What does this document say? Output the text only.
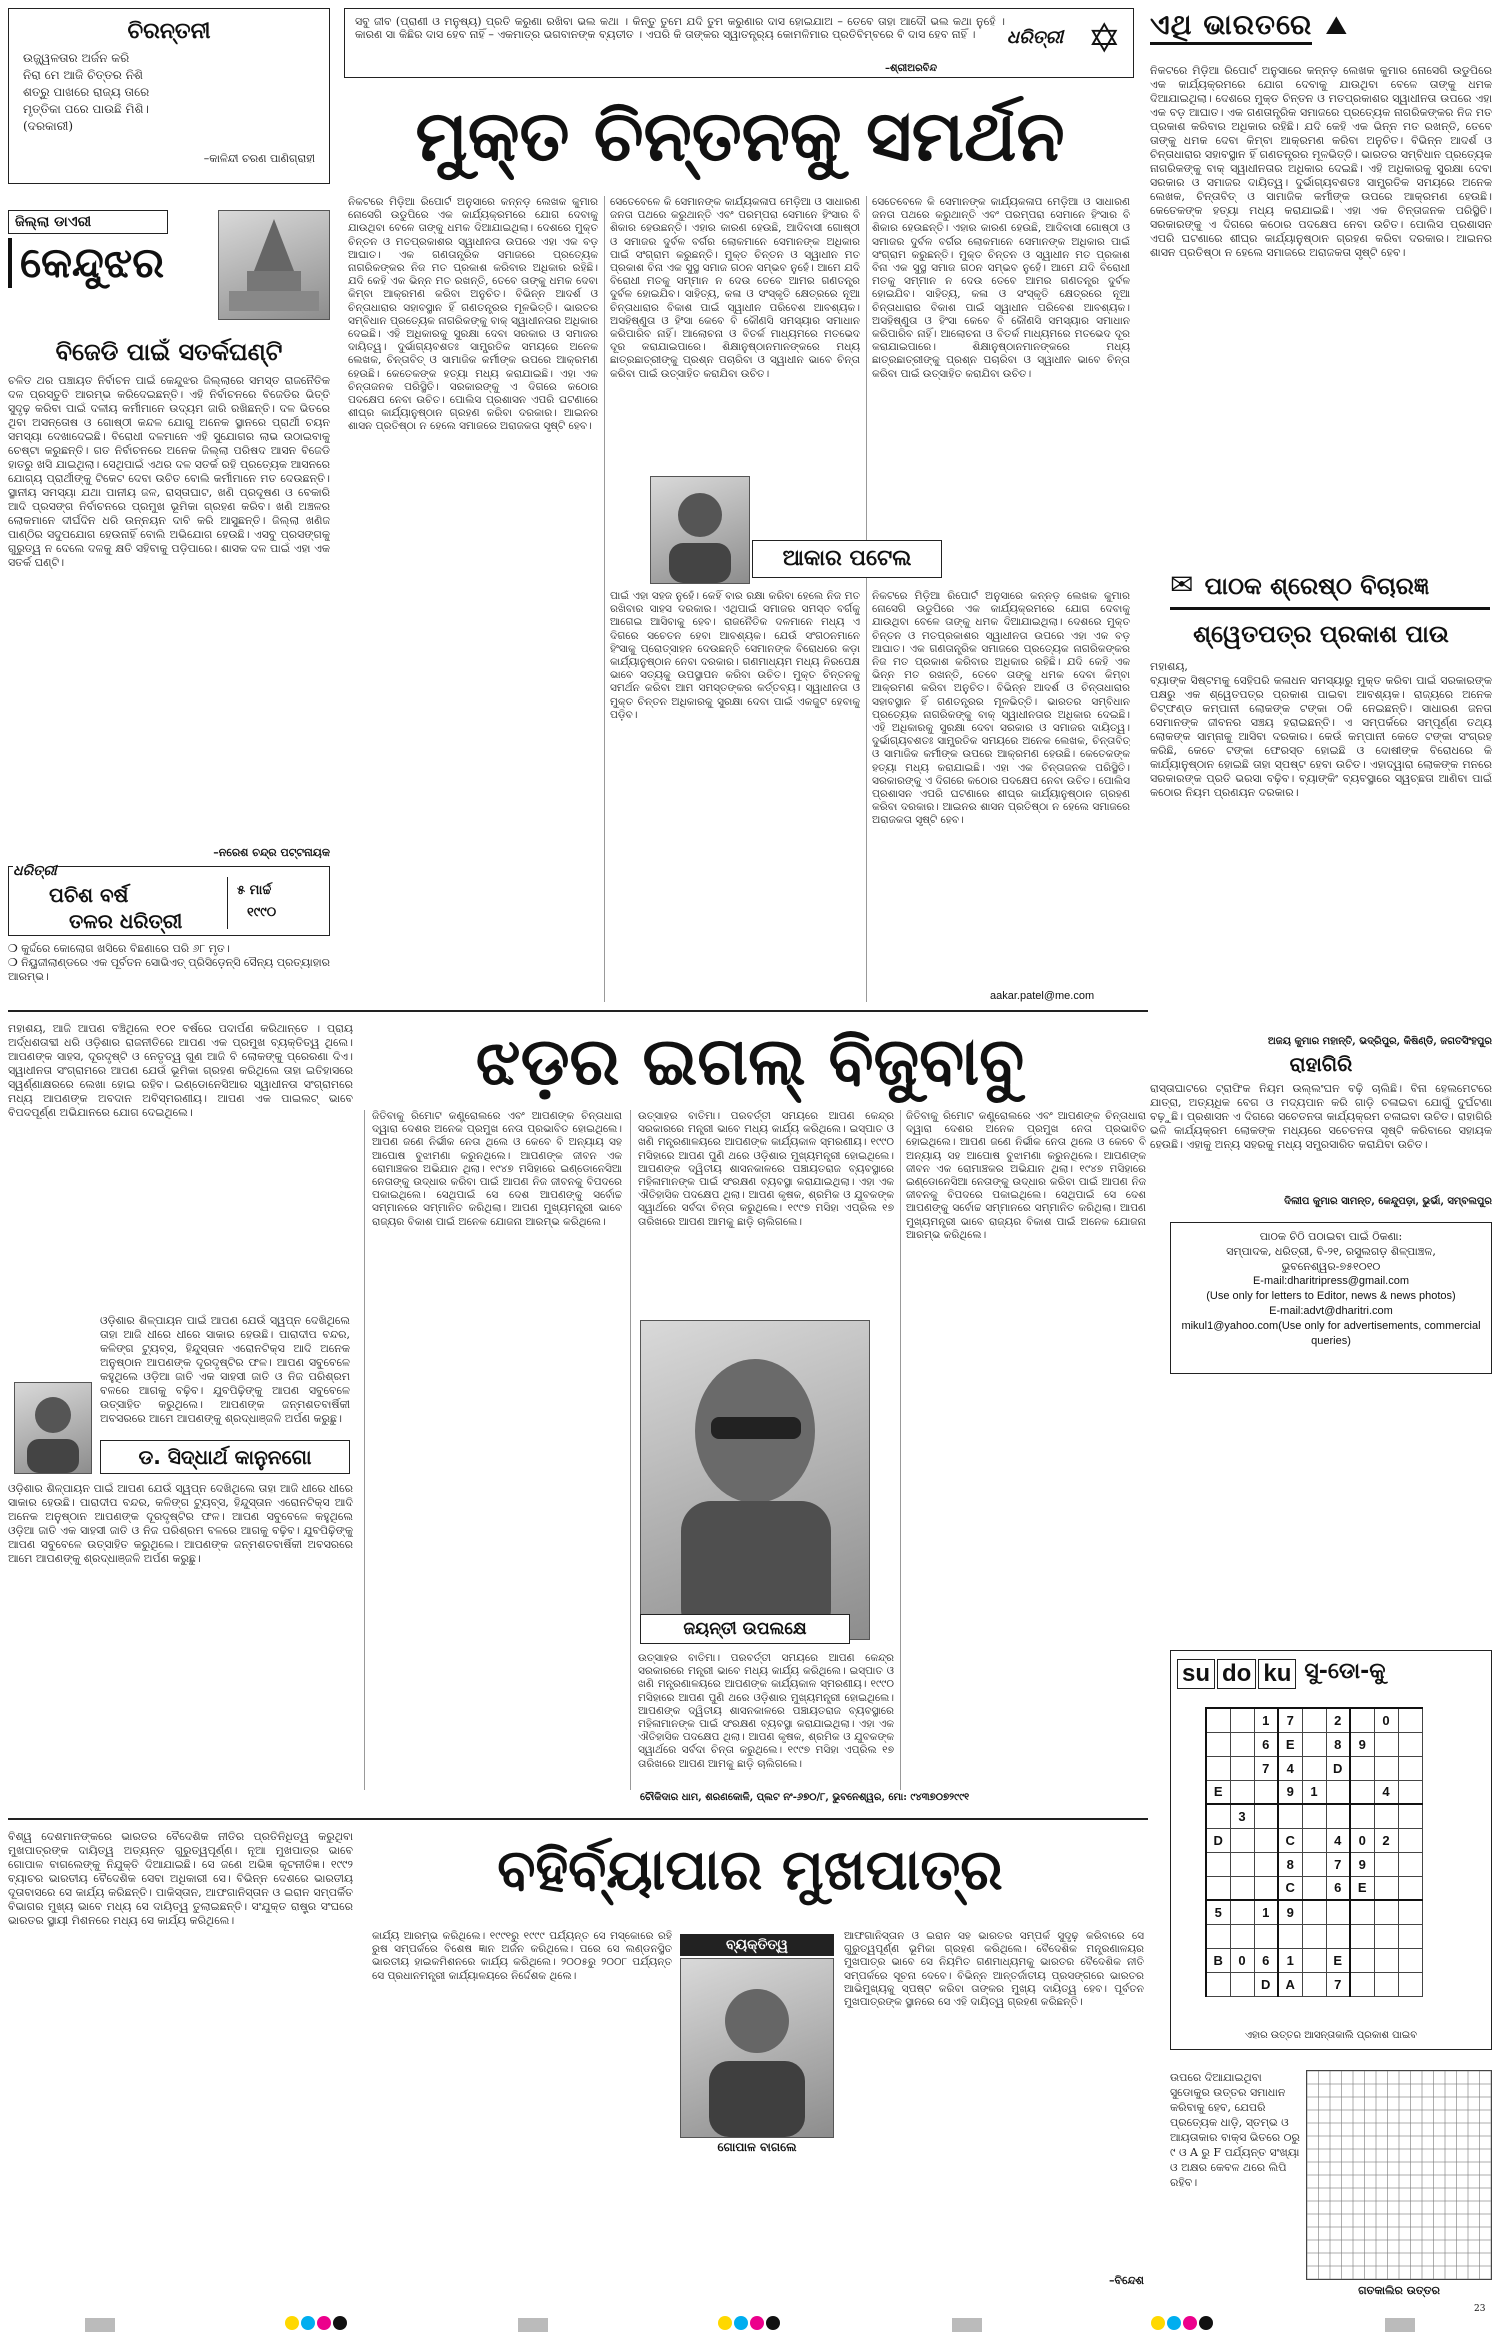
ଚିରନ୍ତନୀ
ଉଜ୍ଜ୍ୱଳତାର ଅର୍ଜନ କରି
ନିରା ମେ ଆଜି ଚିତ୍ତର ନିଶି
ଶତ୍ରୁ ପାଖରେ ରାଜ୍ୟ ତାରେ
ମୃତ୍ତିକା ପରେ ପାଉଛି ମିଶି।
(ଦରକାରୀ)
–କାଳିନ୍ଦୀ ଚରଣ ପାଣିଗ୍ରାହୀ
ସବୁ ଜୀବ (ପ୍ରାଣୀ ଓ ମନୁଷ୍ୟ) ପ୍ରତି କରୁଣା ରଖିବା ଭଲ କଥା । କିନ୍ତୁ ତୁମେ ଯଦି ତୁମ କରୁଣାର ଦାସ ହୋଇଯାଅ – ତେବେ ତାହା ଆଦୌ ଭଲ କଥା ନୁହେଁ । କାରଣ ସା କିଛିର ଦାସ ହେବ ନାହିଁ – ଏକମାତ୍ର ଭଗବାନଙ୍କ ବ୍ୟତୀତ । ଏପରି କି ତାଙ୍କର ସ୍ୱାତନ୍ତ୍ର୍ୟ କୋମଳିମାର ପ୍ରତିବିମ୍ବରେ ବି ଦାସ ହେବ ନାହିଁ ।
–ଶ୍ରୀଅରବିନ୍ଦ
ଧରିତ୍ରୀ ✡ ଏଥି ଭାରତରେ ⛰
ମୁକ୍ତ ଚିନ୍ତନକୁ ସମର୍ଥନ
ଜିଲ୍ଲା ଡାଏରୀ
କେନ୍ଦୁଝର
ବିଜେଡି ପାଇଁ ସତର୍କଘଣ୍ଟି
ଚଳିତ ଥର ପଞ୍ଚାୟତ ନିର୍ବାଚନ ପାଇଁ କେନ୍ଦୁଝର ଜିଲ୍ଲାରେ ସମସ୍ତ ରାଜନୈତିକ ଦଳ ପ୍ରସ୍ତୁତି ଆରମ୍ଭ କରିଦେଇଛନ୍ତି। ଏହି ନିର୍ବାଚନରେ ବିଜେଡିର ଭିତ୍ତି ସୁଦୃଢ଼ କରିବା ପାଇଁ ଦଳୀୟ କର୍ମୀମାନେ ଉଦ୍ୟମ ଜାରି ରଖିଛନ୍ତି। ଦଳ ଭିତରେ ଥିବା ଅସନ୍ତୋଷ ଓ ଗୋଷ୍ଠୀ କନ୍ଦଳ ଯୋଗୁ ଅନେକ ସ୍ଥାନରେ ପ୍ରାର୍ଥୀ ଚୟନ ସମସ୍ୟା ଦେଖାଦେଇଛି। ବିରୋଧୀ ଦଳମାନେ ଏହି ସୁଯୋଗର ଲାଭ ଉଠାଇବାକୁ ଚେଷ୍ଟା କରୁଛନ୍ତି। ଗତ ନିର୍ବାଚନରେ ଅନେକ ଜିଲ୍ଲା ପରିଷଦ ଆସନ ବିଜେଡି ହାତରୁ ଖସି ଯାଇଥିଲା। ସେଥିପାଇଁ ଏଥର ଦଳ ସତର୍କ ରହି ପ୍ରତ୍ୟେକ ଆସନରେ ଯୋଗ୍ୟ ପ୍ରାର୍ଥୀଙ୍କୁ ଟିକେଟ ଦେବା ଉଚିତ ବୋଲି କର୍ମୀମାନେ ମତ ଦେଉଛନ୍ତି। ସ୍ଥାନୀୟ ସମସ୍ୟା ଯଥା ପାନୀୟ ଜଳ, ରାସ୍ତାଘାଟ, ଖଣି ପ୍ରଦୂଷଣ ଓ ବେକାରି ଆଦି ପ୍ରସଙ୍ଗ ନିର୍ବାଚନରେ ପ୍ରମୁଖ ଭୂମିକା ଗ୍ରହଣ କରିବ। ଖଣି ଅଞ୍ଚଳର ଲୋକମାନେ ଦୀର୍ଘଦିନ ଧରି ଉନ୍ନୟନ ଦାବି କରି ଆସୁଛନ୍ତି। ଜିଲ୍ଲା ଖଣିଜ ପାଣ୍ଠିର ସଦୁପଯୋଗ ହେଉନାହିଁ ବୋଲି ଅଭିଯୋଗ ହେଉଛି। ଏସବୁ ପ୍ରସଙ୍ଗକୁ ଗୁରୁତ୍ୱ ନ ଦେଲେ ଦଳକୁ କ୍ଷତି ସହିବାକୁ ପଡ଼ିପାରେ। ଶାସକ ଦଳ ପାଇଁ ଏହା ଏକ ସତର୍କ ଘଣ୍ଟି।
–ନରେଶ ଚନ୍ଦ୍ର ପଟ୍ଟନାୟକ
ଧରିତ୍ରୀ
ପଚିଶ ବର୍ଷ
ତଳର ଧରିତ୍ରୀ
୫ ମାର୍ଚ୍ଚ
୧୯୯୦
❍ କୁର୍ଦ୍ଦରେ କୋଲୋଗ ଖସିରେ ବିଛଣାରେ ପରି ୬୮ ମୃତ।
❍ ନିୟୁଜୀଲାଣ୍ଡରେ ଏକ ପୂର୍ବତନ ସୋଭିଏତ୍ ପ୍ରିସିଡ଼େନ୍ସି ସୈନ୍ୟ ପ୍ରତ୍ୟାହାର ଆରମ୍ଭ।
ନିକଟରେ ମିଡ଼ିଆ ରିପୋର୍ଟ ଅନୁସାରେ କନ୍ନଡ଼ ଲେଖକ କୁମାର ନୋସେଗି ଉଡୁପିରେ ଏକ କାର୍ଯ୍ୟକ୍ରମରେ ଯୋଗ ଦେବାକୁ ଯାଉଥିବା ବେଳେ ତାଙ୍କୁ ଧମକ ଦିଆଯାଇଥିଲା। ଦେଶରେ ମୁକ୍ତ ଚିନ୍ତନ ଓ ମତପ୍ରକାଶର ସ୍ୱାଧୀନତା ଉପରେ ଏହା ଏକ ବଡ଼ ଆଘାତ। ଏକ ଗଣତାନ୍ତ୍ରିକ ସମାଜରେ ପ୍ରତ୍ୟେକ ନାଗରିକଙ୍କର ନିଜ ମତ ପ୍ରକାଶ କରିବାର ଅଧିକାର ରହିଛି। ଯଦି କେହି ଏକ ଭିନ୍ନ ମତ ରଖନ୍ତି, ତେବେ ତାଙ୍କୁ ଧମକ ଦେବା କିମ୍ବା ଆକ୍ରମଣ କରିବା ଅନୁଚିତ। ବିଭିନ୍ନ ଆଦର୍ଶ ଓ ଚିନ୍ତାଧାରାର ସହାବସ୍ଥାନ ହିଁ ଗଣତନ୍ତ୍ରର ମୂଳଭିତ୍ତି। ଭାରତର ସମ୍ବିଧାନ ପ୍ରତ୍ୟେକ ନାଗରିକଙ୍କୁ ବାକ୍ ସ୍ୱାଧୀନତାର ଅଧିକାର ଦେଇଛି। ଏହି ଅଧିକାରକୁ ସୁରକ୍ଷା ଦେବା ସରକାର ଓ ସମାଜର ଦାୟିତ୍ୱ। ଦୁର୍ଭାଗ୍ୟବଶତଃ ସାମ୍ପ୍ରତିକ ସମୟରେ ଅନେକ ଲେଖକ, ଚିନ୍ତାବିତ୍ ଓ ସାମାଜିକ କର୍ମୀଙ୍କ ଉପରେ ଆକ୍ରମଣ ହେଉଛି। କେତେକଙ୍କ ହତ୍ୟା ମଧ୍ୟ କରାଯାଇଛି। ଏହା ଏକ ଚିନ୍ତାଜନକ ପରିସ୍ଥିତି। ସରକାରଙ୍କୁ ଏ ଦିଗରେ କଠୋର ପଦକ୍ଷେପ ନେବା ଉଚିତ। ପୋଲିସ ପ୍ରଶାସନ ଏପରି ଘଟଣାରେ ଶୀଘ୍ର କାର୍ଯ୍ୟାନୁଷ୍ଠାନ ଗ୍ରହଣ କରିବା ଦରକାର। ଆଇନର ଶାସନ ପ୍ରତିଷ୍ଠା ନ ହେଲେ ସମାଜରେ ଅରାଜକତା ସୃଷ୍ଟି ହେବ।
ସେତେବେଳେ କି ସେମାନଙ୍କ କାର୍ଯ୍ୟକଳାପ ମେଡ଼ିଆ ଓ ସାଧାରଣ ଜନତା ପଥରେ କରୁଥାନ୍ତି ଏବଂ ପରମ୍ପରା ସେମାନେ ହିଂସାର ବି ଶିକାର ହେଉଛନ୍ତି। ଏହାର କାରଣ ହେଉଛି, ଆଦିବାସୀ ଗୋଷ୍ଠୀ ଓ ସମାଜର ଦୁର୍ବଳ ବର୍ଗର ଲୋକମାନେ ସେମାନଙ୍କ ଅଧିକାର ପାଇଁ ସଂଗ୍ରାମ କରୁଛନ୍ତି। ମୁକ୍ତ ଚିନ୍ତନ ଓ ସ୍ୱାଧୀନ ମତ ପ୍ରକାଶ ବିନା ଏକ ସୁସ୍ଥ ସମାଜ ଗଠନ ସମ୍ଭବ ନୁହେଁ। ଆମେ ଯଦି ବିରୋଧୀ ମତକୁ ସମ୍ମାନ ନ ଦେଉ ତେବେ ଆମର ଗଣତନ୍ତ୍ର ଦୁର୍ବଳ ହୋଇଯିବ। ସାହିତ୍ୟ, କଳା ଓ ସଂସ୍କୃତି କ୍ଷେତ୍ରରେ ନୂଆ ଚିନ୍ତାଧାରାର ବିକାଶ ପାଇଁ ସ୍ୱାଧୀନ ପରିବେଶ ଆବଶ୍ୟକ। ଅସହିଷ୍ଣୁତା ଓ ହିଂସା କେବେ ବି କୌଣସି ସମସ୍ୟାର ସମାଧାନ କରିପାରିବ ନାହିଁ। ଆଲୋଚନା ଓ ବିତର୍କ ମାଧ୍ୟମରେ ମତଭେଦ ଦୂର କରାଯାଇପାରେ। ଶିକ୍ଷାନୁଷ୍ଠାନମାନଙ୍କରେ ମଧ୍ୟ ଛାତ୍ରଛାତ୍ରୀଙ୍କୁ ପ୍ରଶ୍ନ ପଚାରିବା ଓ ସ୍ୱାଧୀନ ଭାବେ ଚିନ୍ତା କରିବା ପାଇଁ ଉତ୍ସାହିତ କରାଯିବା ଉଚିତ।
ପାଇଁ ଏହା ସହଜ ନୁହେଁ। କେହିଁ ବାର ରକ୍ଷା କରିବା ହେଲେ ନିଜ ମତ ରଖିବାର ସାହସ ଦରକାର। ଏଥିପାଇଁ ସମାଜର ସମସ୍ତ ବର୍ଗକୁ ଆଗେଇ ଆସିବାକୁ ହେବ। ରାଜନୈତିକ ଦଳମାନେ ମଧ୍ୟ ଏ ଦିଗରେ ସଚେତନ ହେବା ଆବଶ୍ୟକ। ଯେଉଁ ସଂଗଠନମାନେ ହିଂସାକୁ ପ୍ରୋତ୍ସାହନ ଦେଉଛନ୍ତି ସେମାନଙ୍କ ବିରୋଧରେ କଡ଼ା କାର୍ଯ୍ୟାନୁଷ୍ଠାନ ନେବା ଦରକାର। ଗଣମାଧ୍ୟମ ମଧ୍ୟ ନିରପେକ୍ଷ ଭାବେ ସତ୍ୟକୁ ଉପସ୍ଥାପନ କରିବା ଉଚିତ। ମୁକ୍ତ ଚିନ୍ତନକୁ ସମର୍ଥନ କରିବା ଆମ ସମସ୍ତଙ୍କର କର୍ତ୍ତବ୍ୟ। ସ୍ୱାଧୀନତା ଓ ମୁକ୍ତ ଚିନ୍ତନ ଅଧିକାରକୁ ସୁରକ୍ଷା ଦେବା ପାଇଁ ଏକଜୁଟ ହେବାକୁ ପଡ଼ିବ।
ସେତେବେଳେ କି ସେମାନଙ୍କ କାର୍ଯ୍ୟକଳାପ ମେଡ଼ିଆ ଓ ସାଧାରଣ ଜନତା ପଥରେ କରୁଥାନ୍ତି ଏବଂ ପରମ୍ପରା ସେମାନେ ହିଂସାର ବି ଶିକାର ହେଉଛନ୍ତି। ଏହାର କାରଣ ହେଉଛି, ଆଦିବାସୀ ଗୋଷ୍ଠୀ ଓ ସମାଜର ଦୁର୍ବଳ ବର୍ଗର ଲୋକମାନେ ସେମାନଙ୍କ ଅଧିକାର ପାଇଁ ସଂଗ୍ରାମ କରୁଛନ୍ତି। ମୁକ୍ତ ଚିନ୍ତନ ଓ ସ୍ୱାଧୀନ ମତ ପ୍ରକାଶ ବିନା ଏକ ସୁସ୍ଥ ସମାଜ ଗଠନ ସମ୍ଭବ ନୁହେଁ। ଆମେ ଯଦି ବିରୋଧୀ ମତକୁ ସମ୍ମାନ ନ ଦେଉ ତେବେ ଆମର ଗଣତନ୍ତ୍ର ଦୁର୍ବଳ ହୋଇଯିବ। ସାହିତ୍ୟ, କଳା ଓ ସଂସ୍କୃତି କ୍ଷେତ୍ରରେ ନୂଆ ଚିନ୍ତାଧାରାର ବିକାଶ ପାଇଁ ସ୍ୱାଧୀନ ପରିବେଶ ଆବଶ୍ୟକ। ଅସହିଷ୍ଣୁତା ଓ ହିଂସା କେବେ ବି କୌଣସି ସମସ୍ୟାର ସମାଧାନ କରିପାରିବ ନାହିଁ। ଆଲୋଚନା ଓ ବିତର୍କ ମାଧ୍ୟମରେ ମତଭେଦ ଦୂର କରାଯାଇପାରେ। ଶିକ୍ଷାନୁଷ୍ଠାନମାନଙ୍କରେ ମଧ୍ୟ ଛାତ୍ରଛାତ୍ରୀଙ୍କୁ ପ୍ରଶ୍ନ ପଚାରିବା ଓ ସ୍ୱାଧୀନ ଭାବେ ଚିନ୍ତା କରିବା ପାଇଁ ଉତ୍ସାହିତ କରାଯିବା ଉଚିତ।
ନିକଟରେ ମିଡ଼ିଆ ରିପୋର୍ଟ ଅନୁସାରେ କନ୍ନଡ଼ ଲେଖକ କୁମାର ନୋସେଗି ଉଡୁପିରେ ଏକ କାର୍ଯ୍ୟକ୍ରମରେ ଯୋଗ ଦେବାକୁ ଯାଉଥିବା ବେଳେ ତାଙ୍କୁ ଧମକ ଦିଆଯାଇଥିଲା। ଦେଶରେ ମୁକ୍ତ ଚିନ୍ତନ ଓ ମତପ୍ରକାଶର ସ୍ୱାଧୀନତା ଉପରେ ଏହା ଏକ ବଡ଼ ଆଘାତ। ଏକ ଗଣତାନ୍ତ୍ରିକ ସମାଜରେ ପ୍ରତ୍ୟେକ ନାଗରିକଙ୍କର ନିଜ ମତ ପ୍ରକାଶ କରିବାର ଅଧିକାର ରହିଛି। ଯଦି କେହି ଏକ ଭିନ୍ନ ମତ ରଖନ୍ତି, ତେବେ ତାଙ୍କୁ ଧମକ ଦେବା କିମ୍ବା ଆକ୍ରମଣ କରିବା ଅନୁଚିତ। ବିଭିନ୍ନ ଆଦର୍ଶ ଓ ଚିନ୍ତାଧାରାର ସହାବସ୍ଥାନ ହିଁ ଗଣତନ୍ତ୍ରର ମୂଳଭିତ୍ତି। ଭାରତର ସମ୍ବିଧାନ ପ୍ରତ୍ୟେକ ନାଗରିକଙ୍କୁ ବାକ୍ ସ୍ୱାଧୀନତାର ଅଧିକାର ଦେଇଛି। ଏହି ଅଧିକାରକୁ ସୁରକ୍ଷା ଦେବା ସରକାର ଓ ସମାଜର ଦାୟିତ୍ୱ। ଦୁର୍ଭାଗ୍ୟବଶତଃ ସାମ୍ପ୍ରତିକ ସମୟରେ ଅନେକ ଲେଖକ, ଚିନ୍ତାବିତ୍ ଓ ସାମାଜିକ କର୍ମୀଙ୍କ ଉପରେ ଆକ୍ରମଣ ହେଉଛି। କେତେକଙ୍କ ହତ୍ୟା ମଧ୍ୟ କରାଯାଇଛି। ଏହା ଏକ ଚିନ୍ତାଜନକ ପରିସ୍ଥିତି। ସରକାରଙ୍କୁ ଏ ଦିଗରେ କଠୋର ପଦକ୍ଷେପ ନେବା ଉଚିତ। ପୋଲିସ ପ୍ରଶାସନ ଏପରି ଘଟଣାରେ ଶୀଘ୍ର କାର୍ଯ୍ୟାନୁଷ୍ଠାନ ଗ୍ରହଣ କରିବା ଦରକାର। ଆଇନର ଶାସନ ପ୍ରତିଷ୍ଠା ନ ହେଲେ ସମାଜରେ ଅରାଜକତା ସୃଷ୍ଟି ହେବ।
ଆକାର ପଟେଲ
aakar.patel@me.com
ନିକଟରେ ମିଡ଼ିଆ ରିପୋର୍ଟ ଅନୁସାରେ କନ୍ନଡ଼ ଲେଖକ କୁମାର ନୋସେଗି ଉଡୁପିରେ ଏକ କାର୍ଯ୍ୟକ୍ରମରେ ଯୋଗ ଦେବାକୁ ଯାଉଥିବା ବେଳେ ତାଙ୍କୁ ଧମକ ଦିଆଯାଇଥିଲା। ଦେଶରେ ମୁକ୍ତ ଚିନ୍ତନ ଓ ମତପ୍ରକାଶର ସ୍ୱାଧୀନତା ଉପରେ ଏହା ଏକ ବଡ଼ ଆଘାତ। ଏକ ଗଣତାନ୍ତ୍ରିକ ସମାଜରେ ପ୍ରତ୍ୟେକ ନାଗରିକଙ୍କର ନିଜ ମତ ପ୍ରକାଶ କରିବାର ଅଧିକାର ରହିଛି। ଯଦି କେହି ଏକ ଭିନ୍ନ ମତ ରଖନ୍ତି, ତେବେ ତାଙ୍କୁ ଧମକ ଦେବା କିମ୍ବା ଆକ୍ରମଣ କରିବା ଅନୁଚିତ। ବିଭିନ୍ନ ଆଦର୍ଶ ଓ ଚିନ୍ତାଧାରାର ସହାବସ୍ଥାନ ହିଁ ଗଣତନ୍ତ୍ରର ମୂଳଭିତ୍ତି। ଭାରତର ସମ୍ବିଧାନ ପ୍ରତ୍ୟେକ ନାଗରିକଙ୍କୁ ବାକ୍ ସ୍ୱାଧୀନତାର ଅଧିକାର ଦେଇଛି। ଏହି ଅଧିକାରକୁ ସୁରକ୍ଷା ଦେବା ସରକାର ଓ ସମାଜର ଦାୟିତ୍ୱ। ଦୁର୍ଭାଗ୍ୟବଶତଃ ସାମ୍ପ୍ରତିକ ସମୟରେ ଅନେକ ଲେଖକ, ଚିନ୍ତାବିତ୍ ଓ ସାମାଜିକ କର୍ମୀଙ୍କ ଉପରେ ଆକ୍ରମଣ ହେଉଛି। କେତେକଙ୍କ ହତ୍ୟା ମଧ୍ୟ କରାଯାଇଛି। ଏହା ଏକ ଚିନ୍ତାଜନକ ପରିସ୍ଥିତି। ସରକାରଙ୍କୁ ଏ ଦିଗରେ କଠୋର ପଦକ୍ଷେପ ନେବା ଉଚିତ। ପୋଲିସ ପ୍ରଶାସନ ଏପରି ଘଟଣାରେ ଶୀଘ୍ର କାର୍ଯ୍ୟାନୁଷ୍ଠାନ ଗ୍ରହଣ କରିବା ଦରକାର। ଆଇନର ଶାସନ ପ୍ରତିଷ୍ଠା ନ ହେଲେ ସମାଜରେ ଅରାଜକତା ସୃଷ୍ଟି ହେବ।
✉ ପାଠକ ଶ୍ରେଷ୍ଠ ବିଚାରଜ୍ଞ
ଶ୍ୱେତପତ୍ର ପ୍ରକାଶ ପାଉ
ମହାଶୟ,
ବ୍ୟାଙ୍କ ସିଷ୍ଟମକୁ ସେହିପରି କଳାଧନ ସମସ୍ୟାରୁ ମୁକ୍ତ କରିବା ପାଇଁ ସରକାରଙ୍କ ପକ୍ଷରୁ ଏକ ଶ୍ୱେତପତ୍ର ପ୍ରକାଶ ପାଇବା ଆବଶ୍ୟକ। ରାଜ୍ୟରେ ଅନେକ ଚିଟ୍ଫଣ୍ଡ କମ୍ପାନୀ ଲୋକଙ୍କ ଟଙ୍କା ଠକି ନେଇଛନ୍ତି। ସାଧାରଣ ଜନତା ସେମାନଙ୍କ ଜୀବନର ସଞ୍ଚୟ ହରାଇଛନ୍ତି। ଏ ସମ୍ପର୍କରେ ସମ୍ପୂର୍ଣ୍ଣ ତଥ୍ୟ ଲୋକଙ୍କ ସାମ୍ନାକୁ ଆସିବା ଦରକାର। କେଉଁ କମ୍ପାନୀ କେତେ ଟଙ୍କା ସଂଗ୍ରହ କରିଛି, କେତେ ଟଙ୍କା ଫେରସ୍ତ ହୋଇଛି ଓ ଦୋଷୀଙ୍କ ବିରୋଧରେ କି କାର୍ଯ୍ୟାନୁଷ୍ଠାନ ହୋଇଛି ତାହା ସ୍ପଷ୍ଟ ହେବା ଉଚିତ। ଏହାଦ୍ୱାରା ଲୋକଙ୍କ ମନରେ ସରକାରଙ୍କ ପ୍ରତି ଭରସା ବଢ଼ିବ। ବ୍ୟାଙ୍କିଂ ବ୍ୟବସ୍ଥାରେ ସ୍ୱଚ୍ଛତା ଆଣିବା ପାଇଁ କଠୋର ନିୟମ ପ୍ରଣୟନ ଦରକାର।
ଅଜୟ କୁମାର ମହାନ୍ତି, ଭଦ୍ରିପୁର, କିଷିଣ୍ଡି, ଜଗତସିଂହପୁର
ରାହାଗିରି
ରାସ୍ତାଘାଟରେ ଟ୍ରାଫିକ ନିୟମ ଉଲ୍ଲଂଘନ ବଢ଼ି ଚାଲିଛି। ବିନା ହେଲମେଟରେ ଯାତ୍ରା, ଅତ୍ୟଧିକ ବେଗ ଓ ମଦ୍ୟପାନ କରି ଗାଡ଼ି ଚଳାଇବା ଯୋଗୁଁ ଦୁର୍ଘଟଣା ବଢ଼ୁଛି। ପ୍ରଶାସନ ଏ ଦିଗରେ ସଚେତନତା କାର୍ଯ୍ୟକ୍ରମ ଚଳାଇବା ଉଚିତ। ରାହାଗିରି ଭଳି କାର୍ଯ୍ୟକ୍ରମ ଲୋକଙ୍କ ମଧ୍ୟରେ ସଚେତନତା ସୃଷ୍ଟି କରିବାରେ ସହାୟକ ହେଉଛି। ଏହାକୁ ଅନ୍ୟ ସହରକୁ ମଧ୍ୟ ସମ୍ପ୍ରସାରିତ କରାଯିବା ଉଚିତ।
ଦିଲୀପ କୁମାର ସାମନ୍ତ, କେନ୍ଦୁପଡ଼ା, ଭୁର୍ଭା, ସମ୍ବଲପୁର
ପାଠକ ଚିଠି ପଠାଇବା ପାଇଁ ଠିକଣା:
ସମ୍ପାଦକ, ଧରିତ୍ରୀ, ବି-୨୧, ରସୁଲଗଡ଼ ଶିଳ୍ପାଞ୍ଚଳ, ଭୁବନେଶ୍ୱର-୭୫୧୦୧୦
E-mail:dharitripress@gmail.com
(Use only for letters to Editor, news & news photos)
E-mail:advt@dharitri.com
mikul1@yahoo.com(Use only for advertisements, commercial queries)
su do ku ସୁ-ଡୋ-କୁ
		1	7		2		0	
		6	E		8	9		
		7	4		D			
E			9	1			4	
	3							
D			C		4	0	2	
			8		7	9		
			C		6	E		
5		1	9					

B	0	6	1		E			
		D	A		7			
ଏହାର ଉତ୍ତର ଆସନ୍ତାକାଲି ପ୍ରକାଶ ପାଇବ
ଉପରେ ଦିଆଯାଇଥିବା ସୁଡୋକୁର ଉତ୍ତର ସମାଧାନ କରିବାକୁ ହେବ, ଯେପରି ପ୍ରତ୍ୟେକ ଧାଡ଼ି, ସ୍ତମ୍ଭ ଓ ଆୟତାକାର ବାକ୍ସ ଭିତରେ ୦ରୁ ୯ ଓ A ରୁ F ପର୍ଯ୍ୟନ୍ତ ସଂଖ୍ୟା ଓ ଅକ୍ଷର କେବଳ ଥରେ ଲିପି ରହିବ।
ଗତକାଲିର ଉତ୍ତର
ଝଡ଼ର ଇଗଲ୍ ବିଜୁବାବୁ
ମହାଶୟ, ଆଜି ଆପଣ ବଞ୍ଚିଥିଲେ ୧୦୧ ବର୍ଷରେ ପଦାର୍ପଣ କରିଥାନ୍ତେ । ପ୍ରାୟ ଅର୍ଦ୍ଧଶତାବ୍ଦୀ ଧରି ଓଡ଼ିଶାର ରାଜନୀତିରେ ଆପଣ ଏକ ପ୍ରମୁଖ ବ୍ୟକ୍ତିତ୍ୱ ଥିଲେ। ଆପଣଙ୍କ ସାହସ, ଦୂରଦୃଷ୍ଟି ଓ ନେତୃତ୍ୱ ଗୁଣ ଆଜି ବି ଲୋକଙ୍କୁ ପ୍ରେରଣା ଦିଏ। ସ୍ୱାଧୀନତା ସଂଗ୍ରାମରେ ଆପଣ ଯେଉଁ ଭୂମିକା ଗ୍ରହଣ କରିଥିଲେ ତାହା ଇତିହାସରେ ସ୍ୱର୍ଣ୍ଣାକ୍ଷରରେ ଲେଖା ହୋଇ ରହିବ। ଇଣ୍ଡୋନେସିଆର ସ୍ୱାଧୀନତା ସଂଗ୍ରାମରେ ମଧ୍ୟ ଆପଣଙ୍କ ଅବଦାନ ଅବିସ୍ମରଣୀୟ। ଆପଣ ଏକ ପାଇଲଟ୍ ଭାବେ ବିପଦପୂର୍ଣ୍ଣ ଅଭିଯାନରେ ଯୋଗ ଦେଇଥିଲେ।
ଡ. ସିଦ୍ଧାର୍ଥ କାନୁନଗୋ
ଓଡ଼ିଶାର ଶିଳ୍ପାୟନ ପାଇଁ ଆପଣ ଯେଉଁ ସ୍ୱପ୍ନ ଦେଖିଥିଲେ ତାହା ଆଜି ଧୀରେ ଧୀରେ ସାକାର ହେଉଛି। ପାରାଦୀପ ବନ୍ଦର, କଳିଙ୍ଗ ଟ୍ୟୁବ୍ସ, ହିନ୍ଦୁସ୍ତାନ ଏରୋନଟିକ୍ସ ଆଦି ଅନେକ ଅନୁଷ୍ଠାନ ଆପଣଙ୍କ ଦୂରଦୃଷ୍ଟିର ଫଳ। ଆପଣ ସବୁବେଳେ କହୁଥିଲେ ଓଡ଼ିଆ ଜାତି ଏକ ସାହସୀ ଜାତି ଓ ନିଜ ପରିଶ୍ରମ ବଳରେ ଆଗକୁ ବଢ଼ିବ। ଯୁବପିଢ଼ିଙ୍କୁ ଆପଣ ସବୁବେଳେ ଉତ୍ସାହିତ କରୁଥିଲେ। ଆପଣଙ୍କ ଜନ୍ମଶତବାର୍ଷିକୀ ଅବସରରେ ଆମେ ଆପଣଙ୍କୁ ଶ୍ରଦ୍ଧାଞ୍ଜଳି ଅର୍ପଣ କରୁଛୁ।
ଓଡ଼ିଶାର ଶିଳ୍ପାୟନ ପାଇଁ ଆପଣ ଯେଉଁ ସ୍ୱପ୍ନ ଦେଖିଥିଲେ ତାହା ଆଜି ଧୀରେ ଧୀରେ ସାକାର ହେଉଛି। ପାରାଦୀପ ବନ୍ଦର, କଳିଙ୍ଗ ଟ୍ୟୁବ୍ସ, ହିନ୍ଦୁସ୍ତାନ ଏରୋନଟିକ୍ସ ଆଦି ଅନେକ ଅନୁଷ୍ଠାନ ଆପଣଙ୍କ ଦୂରଦୃଷ୍ଟିର ଫଳ। ଆପଣ ସବୁବେଳେ କହୁଥିଲେ ଓଡ଼ିଆ ଜାତି ଏକ ସାହସୀ ଜାତି ଓ ନିଜ ପରିଶ୍ରମ ବଳରେ ଆଗକୁ ବଢ଼ିବ। ଯୁବପିଢ଼ିଙ୍କୁ ଆପଣ ସବୁବେଳେ ଉତ୍ସାହିତ କରୁଥିଲେ। ଆପଣଙ୍କ ଜନ୍ମଶତବାର୍ଷିକୀ ଅବସରରେ ଆମେ ଆପଣଙ୍କୁ ଶ୍ରଦ୍ଧାଞ୍ଜଳି ଅର୍ପଣ କରୁଛୁ।
ଜିତିବାକୁ ରିମୋଟ କଣ୍ଟ୍ରୋଲରେ ଏବଂ ଆପଣଙ୍କ ଚିନ୍ତାଧାରା ଦ୍ୱାରା ଦେଶର ଅନେକ ପ୍ରମୁଖ ନେତା ପ୍ରଭାବିତ ହୋଇଥିଲେ। ଆପଣ ଜଣେ ନିର୍ଭୀକ ନେତା ଥିଲେ ଓ କେବେ ବି ଅନ୍ୟାୟ ସହ ଆପୋଷ ବୁଝାମଣା କରୁନଥିଲେ। ଆପଣଙ୍କ ଜୀବନ ଏକ ରୋମାଞ୍ଚକର ଅଭିଯାନ ଥିଲା। ୧୯୪୭ ମସିହାରେ ଇଣ୍ଡୋନେସିଆ ନେତାଙ୍କୁ ଉଦ୍ଧାର କରିବା ପାଇଁ ଆପଣ ନିଜ ଜୀବନକୁ ବିପଦରେ ପକାଇଥିଲେ। ସେଥିପାଇଁ ସେ ଦେଶ ଆପଣଙ୍କୁ ସର୍ବୋଚ୍ଚ ସମ୍ମାନରେ ସମ୍ମାନିତ କରିଥିଲା। ଆପଣ ମୁଖ୍ୟମନ୍ତ୍ରୀ ଭାବେ ରାଜ୍ୟର ବିକାଶ ପାଇଁ ଅନେକ ଯୋଜନା ଆରମ୍ଭ କରିଥିଲେ।
ଉତ୍ସାହର ବାତିମା। ପରବର୍ତ୍ତୀ ସମୟରେ ଆପଣ କେନ୍ଦ୍ର ସରକାରରେ ମନ୍ତ୍ରୀ ଭାବେ ମଧ୍ୟ କାର୍ଯ୍ୟ କରିଥିଲେ। ଇସ୍ପାତ ଓ ଖଣି ମନ୍ତ୍ରଣାଳୟରେ ଆପଣଙ୍କ କାର୍ଯ୍ୟକାଳ ସ୍ମରଣୀୟ। ୧୯୯୦ ମସିହାରେ ଆପଣ ପୁଣି ଥରେ ଓଡ଼ିଶାର ମୁଖ୍ୟମନ୍ତ୍ରୀ ହୋଇଥିଲେ। ଆପଣଙ୍କ ଦ୍ୱିତୀୟ ଶାସନକାଳରେ ପଞ୍ଚାୟତରାଜ ବ୍ୟବସ୍ଥାରେ ମହିଳାମାନଙ୍କ ପାଇଁ ସଂରକ୍ଷଣ ବ୍ୟବସ୍ଥା କରାଯାଇଥିଲା। ଏହା ଏକ ଐତିହାସିକ ପଦକ୍ଷେପ ଥିଲା। ଆପଣ କୃଷକ, ଶ୍ରମିକ ଓ ଯୁବକଙ୍କ ସ୍ୱାର୍ଥରେ ସର୍ବଦା ଚିନ୍ତା କରୁଥିଲେ। ୧୯୯୭ ମସିହା ଏପ୍ରିଲ ୧୭ ତାରିଖରେ ଆପଣ ଆମକୁ ଛାଡ଼ି ଚାଲିଗଲେ।
ଜୟନ୍ତୀ ଉପଲକ୍ଷେ
ଉତ୍ସାହର ବାତିମା। ପରବର୍ତ୍ତୀ ସମୟରେ ଆପଣ କେନ୍ଦ୍ର ସରକାରରେ ମନ୍ତ୍ରୀ ଭାବେ ମଧ୍ୟ କାର୍ଯ୍ୟ କରିଥିଲେ। ଇସ୍ପାତ ଓ ଖଣି ମନ୍ତ୍ରଣାଳୟରେ ଆପଣଙ୍କ କାର୍ଯ୍ୟକାଳ ସ୍ମରଣୀୟ। ୧୯୯୦ ମସିହାରେ ଆପଣ ପୁଣି ଥରେ ଓଡ଼ିଶାର ମୁଖ୍ୟମନ୍ତ୍ରୀ ହୋଇଥିଲେ। ଆପଣଙ୍କ ଦ୍ୱିତୀୟ ଶାସନକାଳରେ ପଞ୍ଚାୟତରାଜ ବ୍ୟବସ୍ଥାରେ ମହିଳାମାନଙ୍କ ପାଇଁ ସଂରକ୍ଷଣ ବ୍ୟବସ୍ଥା କରାଯାଇଥିଲା। ଏହା ଏକ ଐତିହାସିକ ପଦକ୍ଷେପ ଥିଲା। ଆପଣ କୃଷକ, ଶ୍ରମିକ ଓ ଯୁବକଙ୍କ ସ୍ୱାର୍ଥରେ ସର୍ବଦା ଚିନ୍ତା କରୁଥିଲେ। ୧୯୯୭ ମସିହା ଏପ୍ରିଲ ୧୭ ତାରିଖରେ ଆପଣ ଆମକୁ ଛାଡ଼ି ଚାଲିଗଲେ।
ଜିତିବାକୁ ରିମୋଟ କଣ୍ଟ୍ରୋଲରେ ଏବଂ ଆପଣଙ୍କ ଚିନ୍ତାଧାରା ଦ୍ୱାରା ଦେଶର ଅନେକ ପ୍ରମୁଖ ନେତା ପ୍ରଭାବିତ ହୋଇଥିଲେ। ଆପଣ ଜଣେ ନିର୍ଭୀକ ନେତା ଥିଲେ ଓ କେବେ ବି ଅନ୍ୟାୟ ସହ ଆପୋଷ ବୁଝାମଣା କରୁନଥିଲେ। ଆପଣଙ୍କ ଜୀବନ ଏକ ରୋମାଞ୍ଚକର ଅଭିଯାନ ଥିଲା। ୧୯୪୭ ମସିହାରେ ଇଣ୍ଡୋନେସିଆ ନେତାଙ୍କୁ ଉଦ୍ଧାର କରିବା ପାଇଁ ଆପଣ ନିଜ ଜୀବନକୁ ବିପଦରେ ପକାଇଥିଲେ। ସେଥିପାଇଁ ସେ ଦେଶ ଆପଣଙ୍କୁ ସର୍ବୋଚ୍ଚ ସମ୍ମାନରେ ସମ୍ମାନିତ କରିଥିଲା। ଆପଣ ମୁଖ୍ୟମନ୍ତ୍ରୀ ଭାବେ ରାଜ୍ୟର ବିକାଶ ପାଇଁ ଅନେକ ଯୋଜନା ଆରମ୍ଭ କରିଥିଲେ।
ଚୌକିଦାର ଧାମ, ଶରଣକୋଳି, ପ୍ଲଟ ନଂ-୬୭୦/୮, ଭୁବନେଶ୍ୱର, ମୋ: ୯୪୩୭୦୭୨୯୯୧
ବିଶ୍ୱ ଦେଶମାନଙ୍କରେ ଭାରତର ବୈଦେଶିକ ନୀତିର ପ୍ରତିନିଧିତ୍ୱ କରୁଥିବା ମୁଖପାତ୍ରଙ୍କ ଦାୟିତ୍ୱ ଅତ୍ୟନ୍ତ ଗୁରୁତ୍ୱପୂର୍ଣ୍ଣ। ନୂଆ ମୁଖପାତ୍ର ଭାବେ ଗୋପାଳ ବାଗଲେଙ୍କୁ ନିଯୁକ୍ତି ଦିଆଯାଇଛି। ସେ ଜଣେ ଅଭିଜ୍ଞ କୂଟନୀତିଜ୍ଞ। ୧୯୯୨ ବ୍ୟାଚର ଭାରତୀୟ ବୈଦେଶିକ ସେବା ଅଧିକାରୀ ସେ। ବିଭିନ୍ନ ଦେଶରେ ଭାରତୀୟ ଦୂତାବାସରେ ସେ କାର୍ଯ୍ୟ କରିଛନ୍ତି। ପାକିସ୍ତାନ, ଆଫଗାନିସ୍ତାନ ଓ ଇରାନ ସମ୍ପର୍କିତ ବିଭାଗର ମୁଖ୍ୟ ଭାବେ ମଧ୍ୟ ସେ ଦାୟିତ୍ୱ ତୁଲାଇଛନ୍ତି। ସଂଯୁକ୍ତ ରାଷ୍ଟ୍ର ସଂଘରେ ଭାରତର ସ୍ଥାୟୀ ମିଶନରେ ମଧ୍ୟ ସେ କାର୍ଯ୍ୟ କରିଥିଲେ।
ବହିର୍ବ୍ୟାପାର ମୁଖପାତ୍ର
କାର୍ଯ୍ୟ ଆରମ୍ଭ କରିଥିଲେ। ୧୯୯୧ରୁ ୧୯୯୯ ପର୍ଯ୍ୟନ୍ତ ସେ ମସ୍କୋରେ ରହି ରୁଷ ସମ୍ପର୍କରେ ବିଶେଷ ଜ୍ଞାନ ଅର୍ଜନ କରିଥିଲେ। ପରେ ସେ ଲଣ୍ଡନସ୍ଥିତ ଭାରତୀୟ ହାଇକମିଶନରେ କାର୍ଯ୍ୟ କରିଥିଲେ। ୨୦୦୫ରୁ ୨୦୦୮ ପର୍ଯ୍ୟନ୍ତ ସେ ପ୍ରଧାନମନ୍ତ୍ରୀ କାର୍ଯ୍ୟାଳୟରେ ନିର୍ଦ୍ଦେଶକ ଥିଲେ।
ବ୍ୟକ୍ତିତ୍ୱ
ଗୋପାଳ ବାଗଲେ
ଆଫଗାନିସ୍ତାନ ଓ ଇରାନ ସହ ଭାରତର ସମ୍ପର୍କ ସୁଦୃଢ଼ କରିବାରେ ସେ ଗୁରୁତ୍ୱପୂର୍ଣ୍ଣ ଭୂମିକା ଗ୍ରହଣ କରିଥିଲେ। ବୈଦେଶିକ ମନ୍ତ୍ରଣାଳୟର ମୁଖପାତ୍ର ଭାବେ ସେ ନିୟମିତ ଗଣମାଧ୍ୟମକୁ ଭାରତର ବୈଦେଶିକ ନୀତି ସମ୍ପର୍କରେ ସୂଚନା ଦେବେ। ବିଭିନ୍ନ ଆନ୍ତର୍ଜାତୀୟ ପ୍ରସଙ୍ଗରେ ଭାରତର ଆଭିମୁଖ୍ୟକୁ ସ୍ପଷ୍ଟ କରିବା ତାଙ୍କର ମୁଖ୍ୟ ଦାୟିତ୍ୱ ହେବ। ପୂର୍ବତନ ମୁଖପାତ୍ରଙ୍କ ସ୍ଥାନରେ ସେ ଏହି ଦାୟିତ୍ୱ ଗ୍ରହଣ କରିଛନ୍ତି।
–ବିନ୍ଦେଶ
23
